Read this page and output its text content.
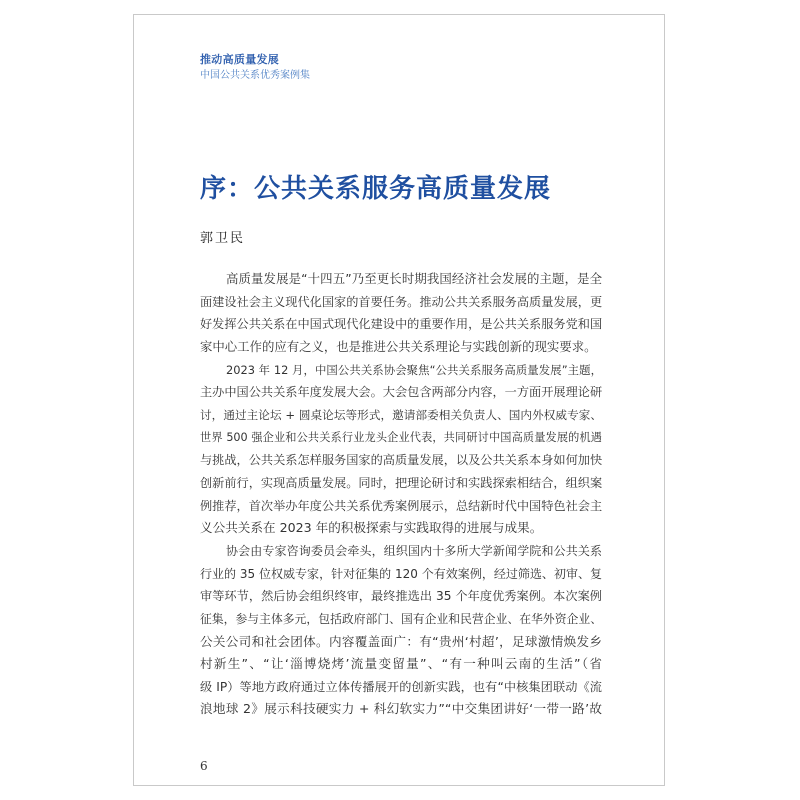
推动高质量发展
中国公共关系优秀案例集
序：公共关系服务高质量发展
郭卫民
高质量发展是“十四五”乃至更长时期我国经济社会发展的主题，是全
面建设社会主义现代化国家的首要任务。推动公共关系服务高质量发展，更
好发挥公共关系在中国式现代化建设中的重要作用，是公共关系服务党和国
家中心工作的应有之义，也是推进公共关系理论与实践创新的现实要求。
2023 年 12 月，中国公共关系协会聚焦“公共关系服务高质量发展”主题，
主办中国公共关系年度发展大会。大会包含两部分内容，一方面开展理论研
讨，通过主论坛 + 圆桌论坛等形式，邀请部委相关负责人、国内外权威专家、
世界 500 强企业和公共关系行业龙头企业代表，共同研讨中国高质量发展的机遇
与挑战，公共关系怎样服务国家的高质量发展，以及公共关系本身如何加快
创新前行，实现高质量发展。同时，把理论研讨和实践探索相结合，组织案
例推荐，首次举办年度公共关系优秀案例展示，总结新时代中国特色社会主
义公共关系在 2023 年的积极探索与实践取得的进展与成果。
协会由专家咨询委员会牵头，组织国内十多所大学新闻学院和公共关系
行业的 35 位权威专家，针对征集的 120 个有效案例，经过筛选、初审、复
审等环节，然后协会组织终审，最终推选出 35 个年度优秀案例。本次案例
征集，参与主体多元，包括政府部门、国有企业和民营企业、在华外资企业、
公关公司和社会团体。内容覆盖面广：有“贵州‘村超’，足球激情焕发乡
村新生”、“让‘淄博烧烤’流量变留量”、“有一种叫云南的生活”（省
级 IP）等地方政府通过立体传播展开的创新实践，也有“中核集团联动《流
浪地球 2》展示科技硬实力 + 科幻软实力”“中交集团讲好‘一带一路’故
6
